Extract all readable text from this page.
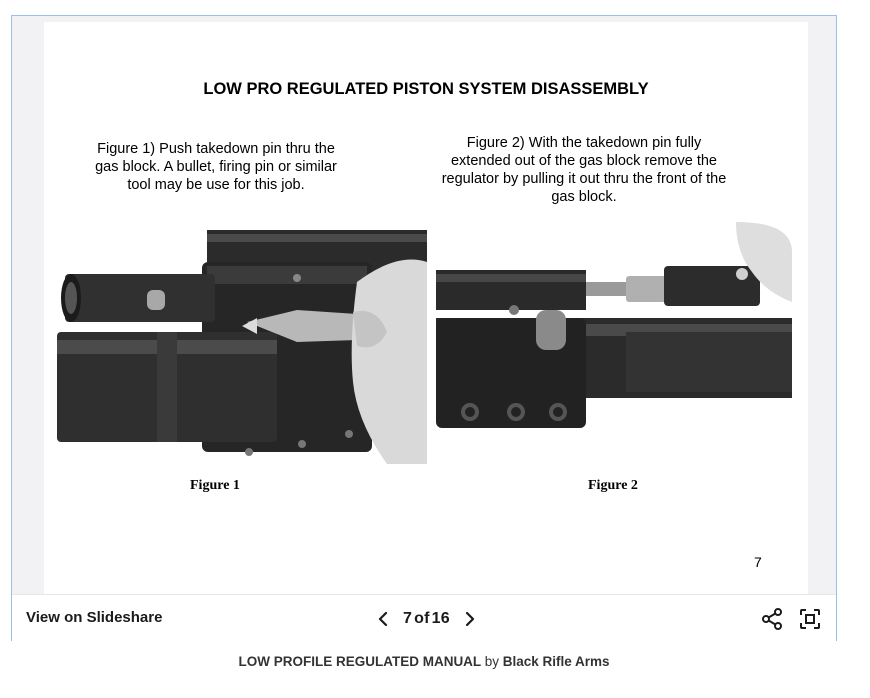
LOW PRO REGULATED PISTON SYSTEM DISASSEMBLY
Figure 1) Push takedown pin thru the gas block. A bullet, firing pin or similar tool may be use for this job.
Figure 2) With the takedown pin fully extended out of the gas block remove the regulator by pulling it out thru the front of the gas block.
Figure 1	Figure 2
7
View on Slideshare	7 of 16
LOW PROFILE REGULATED MANUAL by Black Rifle Arms
